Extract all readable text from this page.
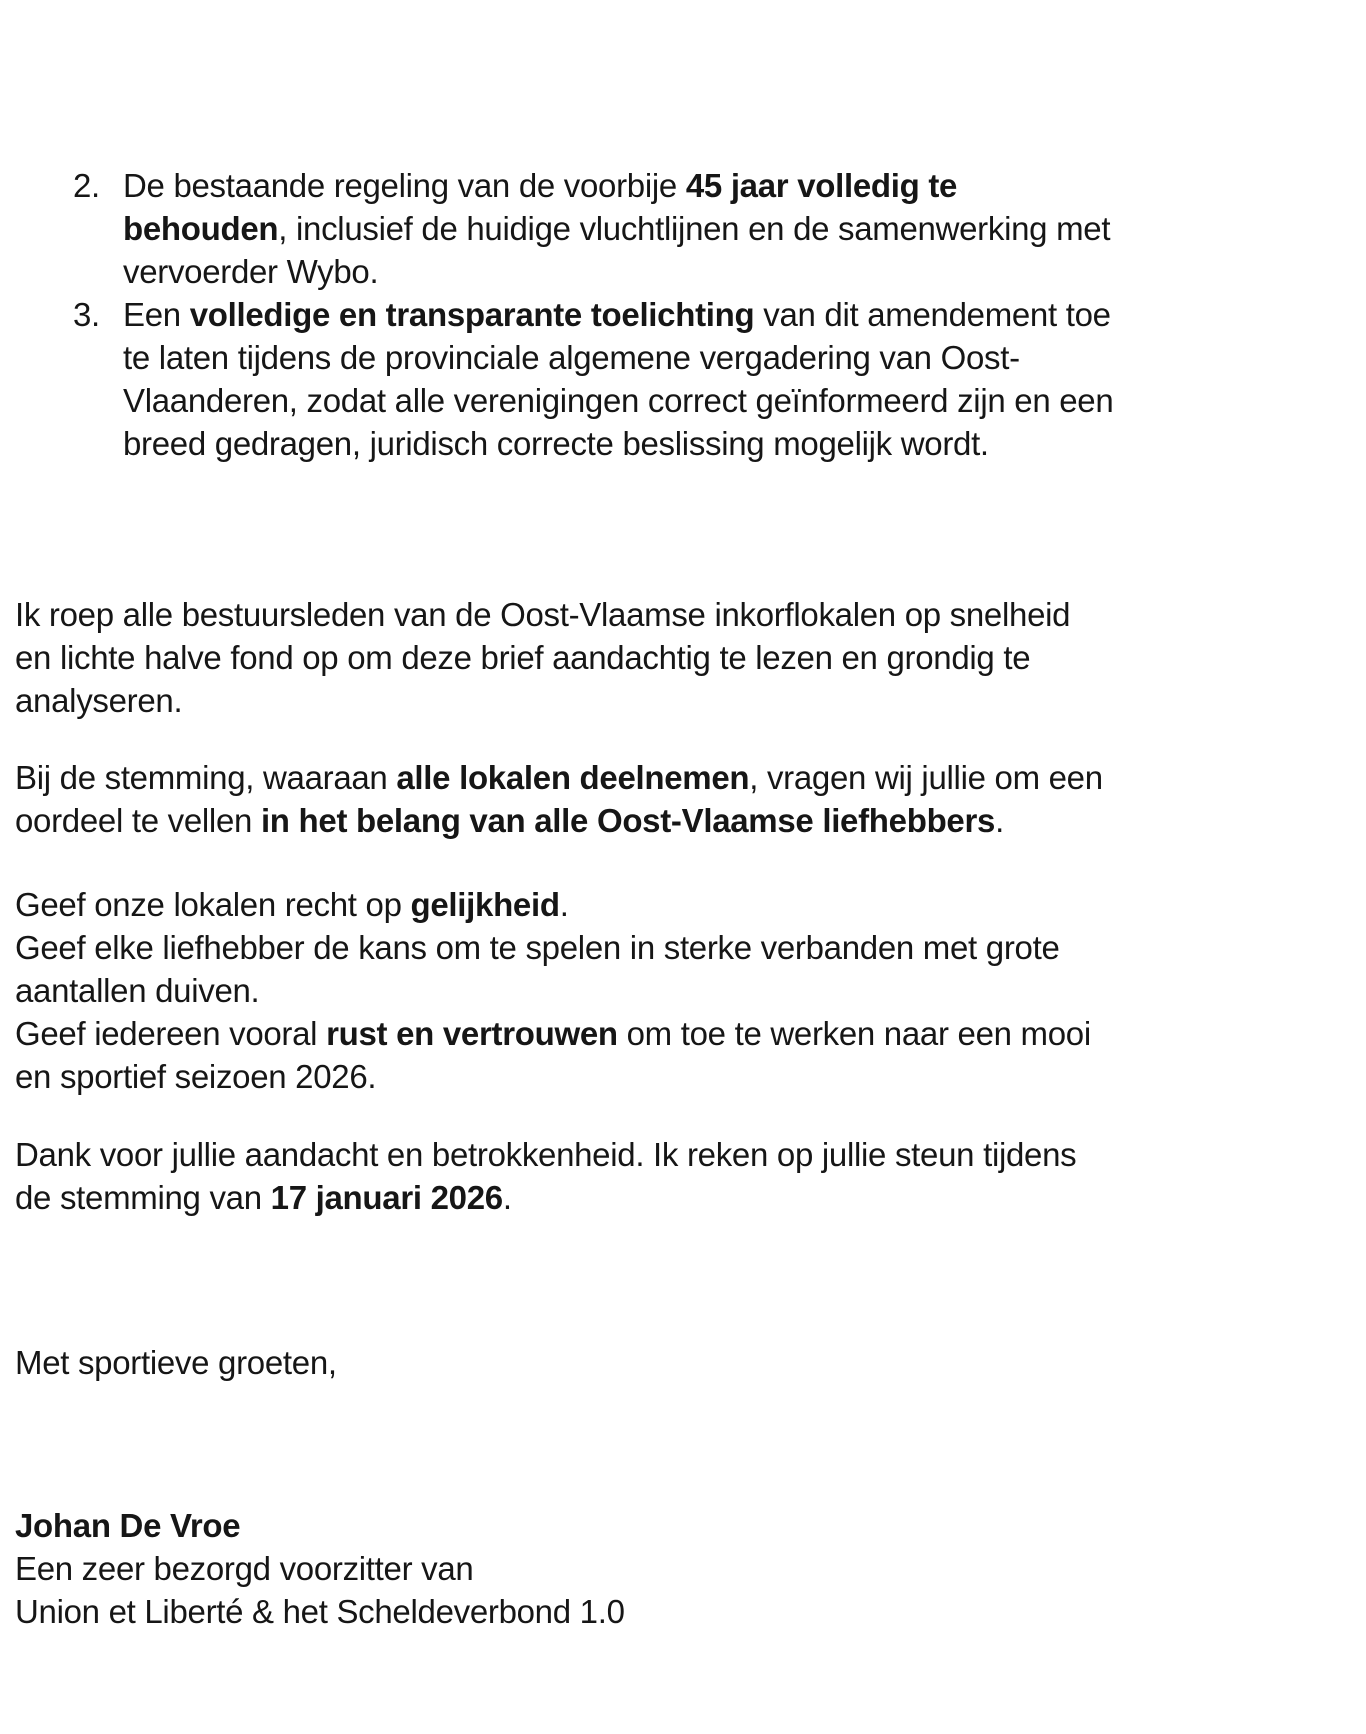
2. De bestaande regeling van de voorbije 45 jaar volledig te
behouden, inclusief de huidige vluchtlijnen en de samenwerking met
vervoerder Wybo.
3. Een volledige en transparante toelichting van dit amendement toe
te laten tijdens de provinciale algemene vergadering van Oost-
Vlaanderen, zodat alle verenigingen correct geïnformeerd zijn en een
breed gedragen, juridisch correcte beslissing mogelijk wordt.

Ik roep alle bestuursleden van de Oost-Vlaamse inkorflokalen op snelheid
en lichte halve fond op om deze brief aandachtig te lezen en grondig te
analyseren.

Bij de stemming, waaraan alle lokalen deelnemen, vragen wij jullie om een
oordeel te vellen in het belang van alle Oost-Vlaamse liefhebbers.

Geef onze lokalen recht op gelijkheid.
Geef elke liefhebber de kans om te spelen in sterke verbanden met grote
aantallen duiven.
Geef iedereen vooral rust en vertrouwen om toe te werken naar een mooi
en sportief seizoen 2026.

Dank voor jullie aandacht en betrokkenheid. Ik reken op jullie steun tijdens
de stemming van 17 januari 2026.

Met sportieve groeten,

Johan De Vroe
Een zeer bezorgd voorzitter van
Union et Liberté & het Scheldeverbond 1.0
